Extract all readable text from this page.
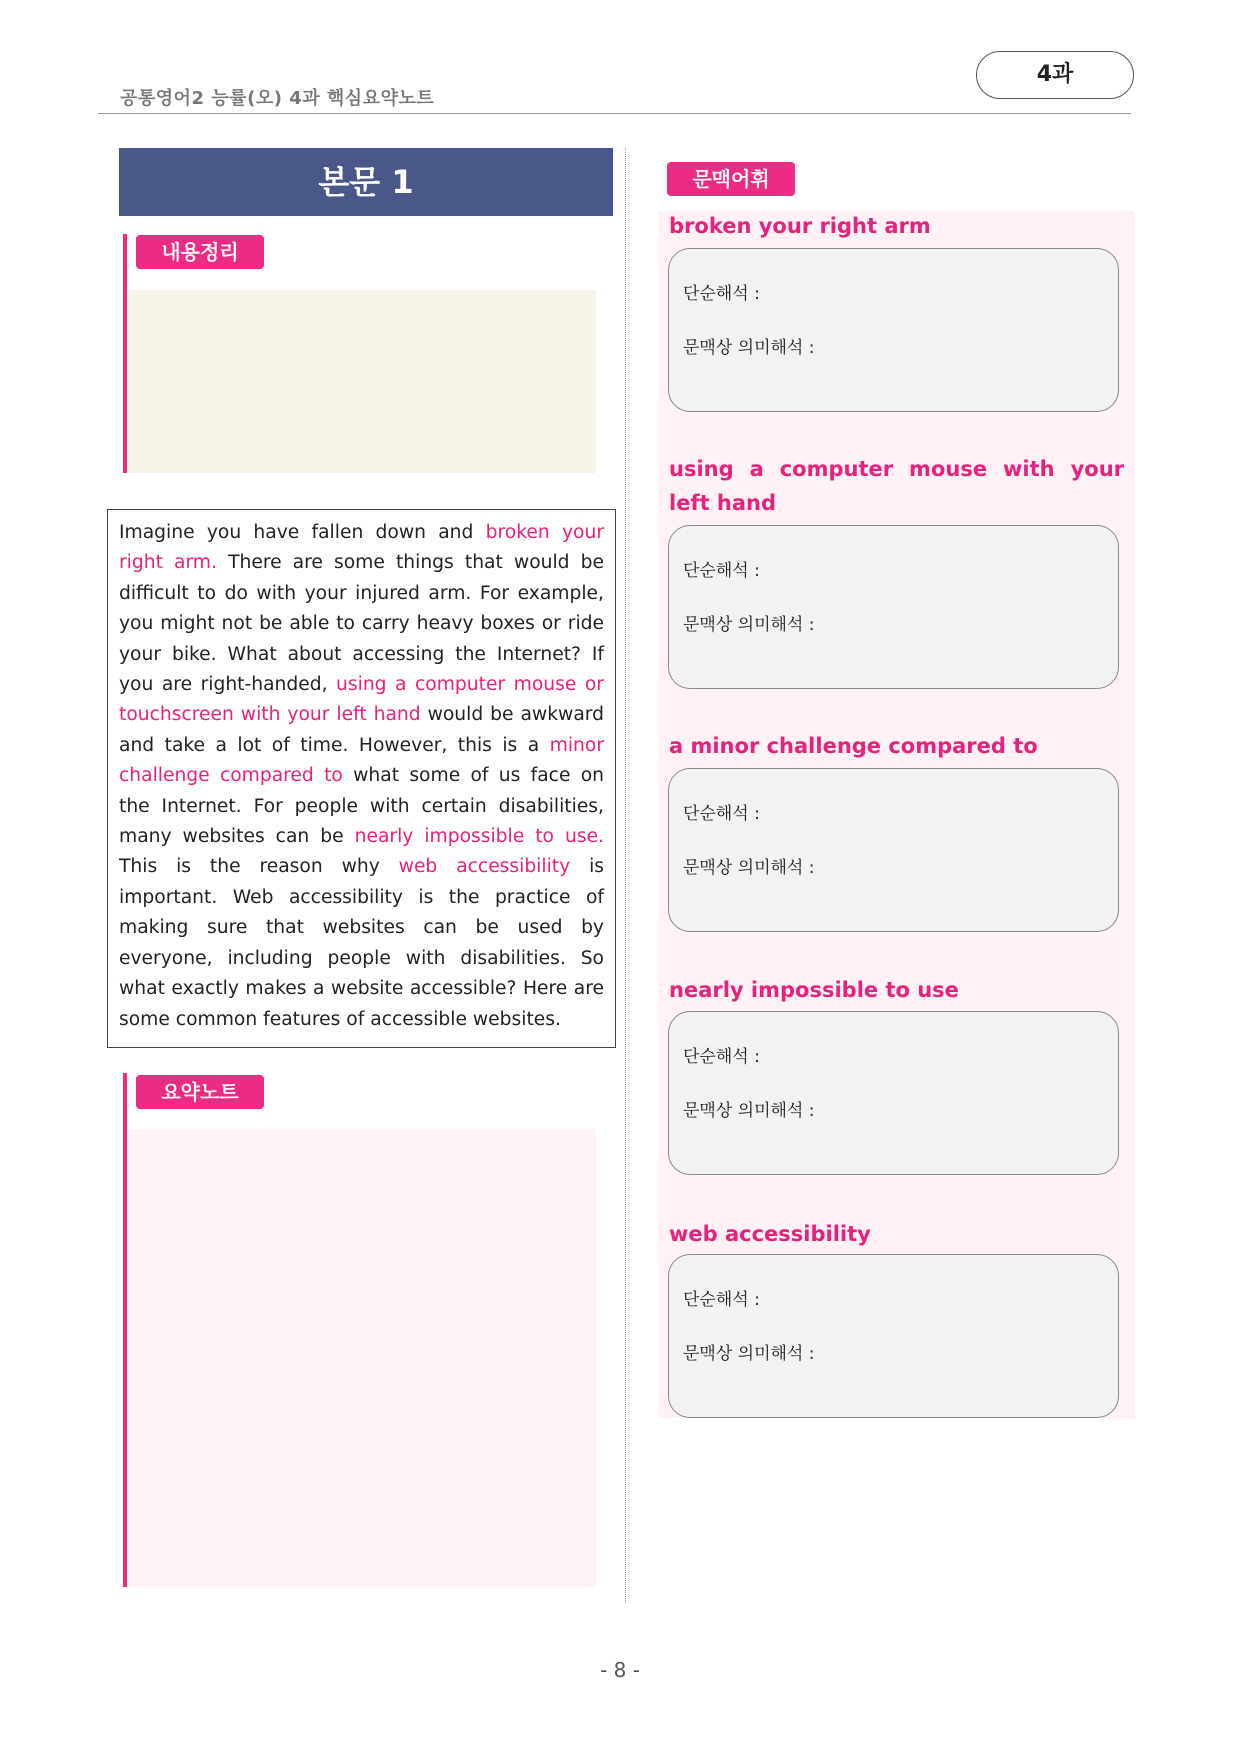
공통영어2 능률(오) 4과 핵심요약노트
4과
본문 1
내용정리

Imagine you have fallen down and broken your right arm. There are some things that would be difficult to do with your injured arm. For example, you might not be able to carry heavy boxes or ride your bike. What about accessing the Internet? If you are right-handed, using a computer mouse or touchscreen with your left hand would be awkward and take a lot of time. However, this is a minor challenge compared to what some of us face on the Internet. For people with certain disabilities, many websites can be nearly impossible to use. This is the reason why web accessibility is important. Web accessibility is the practice of making sure that websites can be used by everyone, including people with disabilities. So what exactly makes a website accessible? Here are some common features of accessible websites.

요약노트
문맥어휘
broken your right arm
단순해석 :
문맥상 의미해석 :
using a computer mouse with your left hand
단순해석 :
문맥상 의미해석 :
a minor challenge compared to
단순해석 :
문맥상 의미해석 :
nearly impossible to use
단순해석 :
문맥상 의미해석 :
web accessibility
단순해석 :
문맥상 의미해석 :
- 8 -
